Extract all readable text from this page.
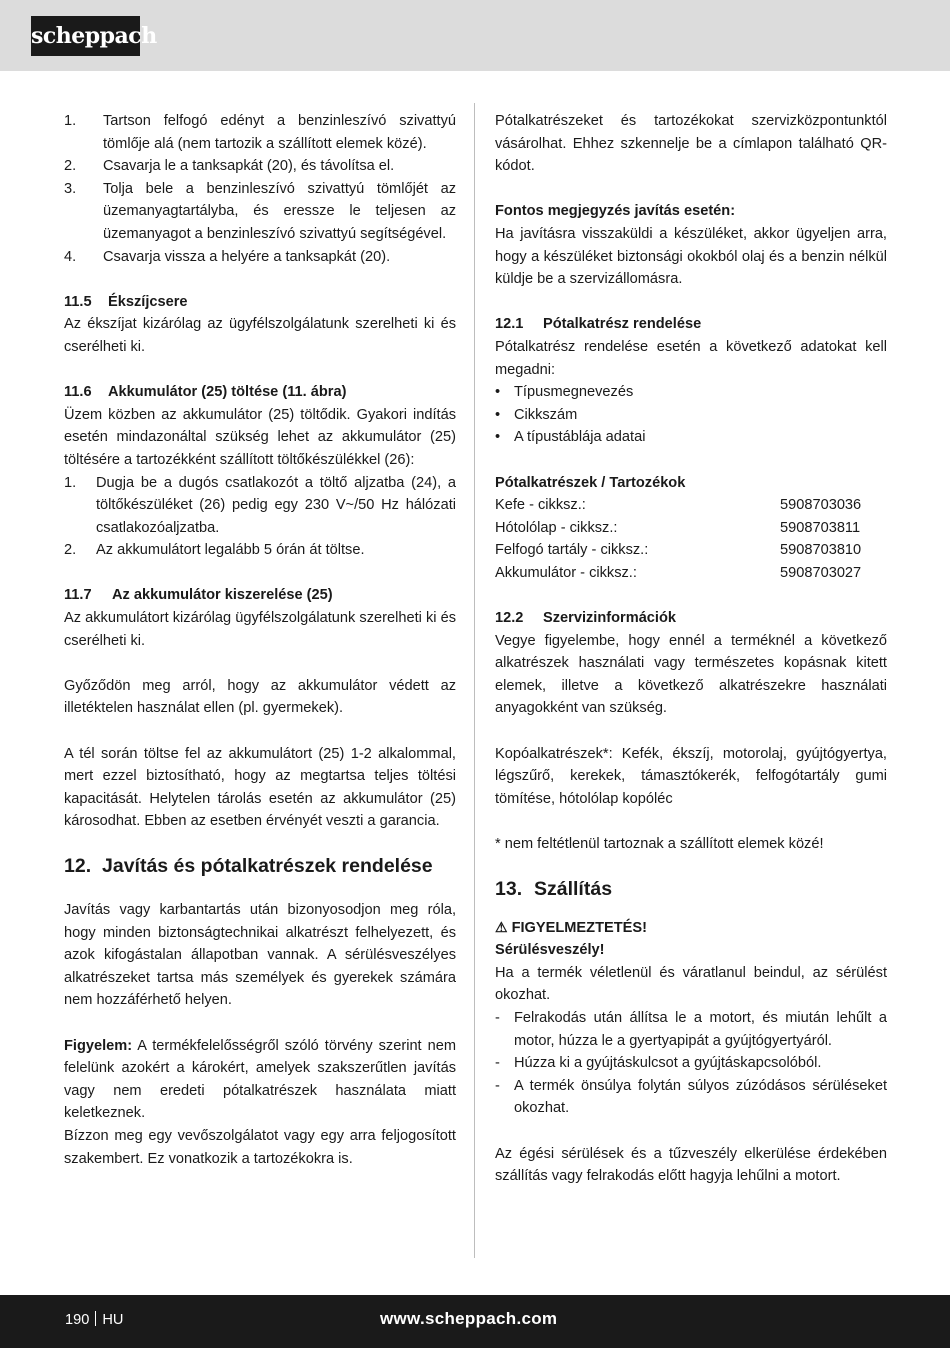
scheppach
1.	Tartson felfogó edényt a benzinleszívó szivattyú tömlője alá (nem tartozik a szállított elemek közé).
2.	Csavarja le a tanksapkát (20), és távolítsa el.
3.	Tolja bele a benzinleszívó szivattyú tömlőjét az üzemanyagtartályba, és eressze le teljesen az üzemanyagot a benzinleszívó szivattyú segítségével.
4.	Csavarja vissza a helyére a tanksapkát (20).
11.5 Ékszíjcsere

Az ékszíjat kizárólag az ügyfélszolgálatunk szerelheti ki és cserélheti ki.

11.6 Akkumulátor (25) töltése (11. ábra)

Üzem közben az akkumulátor (25) töltődik. Gyakori indítás esetén mindazonáltal szükség lehet az akkumulátor (25) töltésére a tartozékként szállított töltőkészülékkel (26):

1.	Dugja be a dugós csatlakozót a töltő aljzatba (24), a töltőkészüléket (26) pedig egy 230 V~/50 Hz hálózati csatlakozóaljzatba.
2.	Az akkumulátort legalább 5 órán át töltse.
11.7 Az akkumulátor kiszerelése (25)

Az akkumulátort kizárólag ügyfélszolgálatunk szerelheti ki és cserélheti ki.

Győződön meg arról, hogy az akkumulátor védett az illetéktelen használat ellen (pl. gyermekek).

A tél során töltse fel az akkumulátort (25) 1-2 alkalommal, mert ezzel biztosítható, hogy az megtartsa teljes töltési kapacitását. Helytelen tárolás esetén az akkumulátor (25) károsodhat. Ebben az esetben érvényét veszti a garancia.

12. Javítás és pótalkatrészek rendelése

Javítás vagy karbantartás után bizonyosodjon meg róla, hogy minden biztonságtechnikai alkatrészt felhelyezett, és azok kifogástalan állapotban vannak. A sérülésveszélyes alkatrészeket tartsa más személyek és gyerekek számára nem hozzáférhető helyen.

Figyelem: A termékfelelősségről szóló törvény szerint nem felelünk azokért a károkért, amelyek szakszerűtlen javítás vagy nem eredeti pótalkatrészek használata miatt keletkeznek.

Bízzon meg egy vevőszolgálatot vagy egy arra feljogosított szakembert. Ez vonatkozik a tartozékokra is.

Pótalkatrészeket és tartozékokat szervizközpontunktól vásárolhat. Ehhez szkennelje be a címlapon található QR-kódot.

Fontos megjegyzés javítás esetén:

Ha javításra visszaküldi a készüléket, akkor ügyeljen arra, hogy a készüléket biztonsági okokból olaj és a benzin nélkül küldje be a szervizállomásra.

12.1 Pótalkatrész rendelése

Pótalkatrész rendelése esetén a következő adatokat kell megadni:

• Típusmegnevezés
• Cikkszám
• A típustáblája adatai
Pótalkatrészek / Tartozékok
Kefe - cikksz.:	5908703036
Hótolólap - cikksz.:	5908703811
Felfogó tartály - cikksz.:	5908703810
Akkumulátor - cikksz.:	5908703027
12.2 Szervizinformációk

Vegye figyelembe, hogy ennél a terméknél a következő alkatrészek használati vagy természetes kopásnak kitett elemek, illetve a következő alkatrészekre használati anyagokként van szükség.

Kopóalkatrészek*: Kefék, ékszíj, motorolaj, gyújtógyertya, légszűrő, kerekek, támasztókerék, felfogótartály gumi tömítése, hótolólap kopóléc

* nem feltétlenül tartoznak a szállított elemek közé!

13. Szállítás

⚠ FIGYELMEZTETÉS!

Sérülésveszély!

Ha a termék véletlenül és váratlanul beindul, az sérülést okozhat.

- Felrakodás után állítsa le a motort, és miután lehűlt a motor, húzza le a gyertyapipát a gyújtógyertyáról.
- Húzza ki a gyújtáskulcsot a gyújtáskapcsolóból.
- A termék önsúlya folytán súlyos zúzódásos sérüléseket okozhat.

Az égési sérülések és a tűzveszély elkerülése érdekében szállítás vagy felrakodás előtt hagyja lehűlni a motort.

190 HU	www.scheppach.com
